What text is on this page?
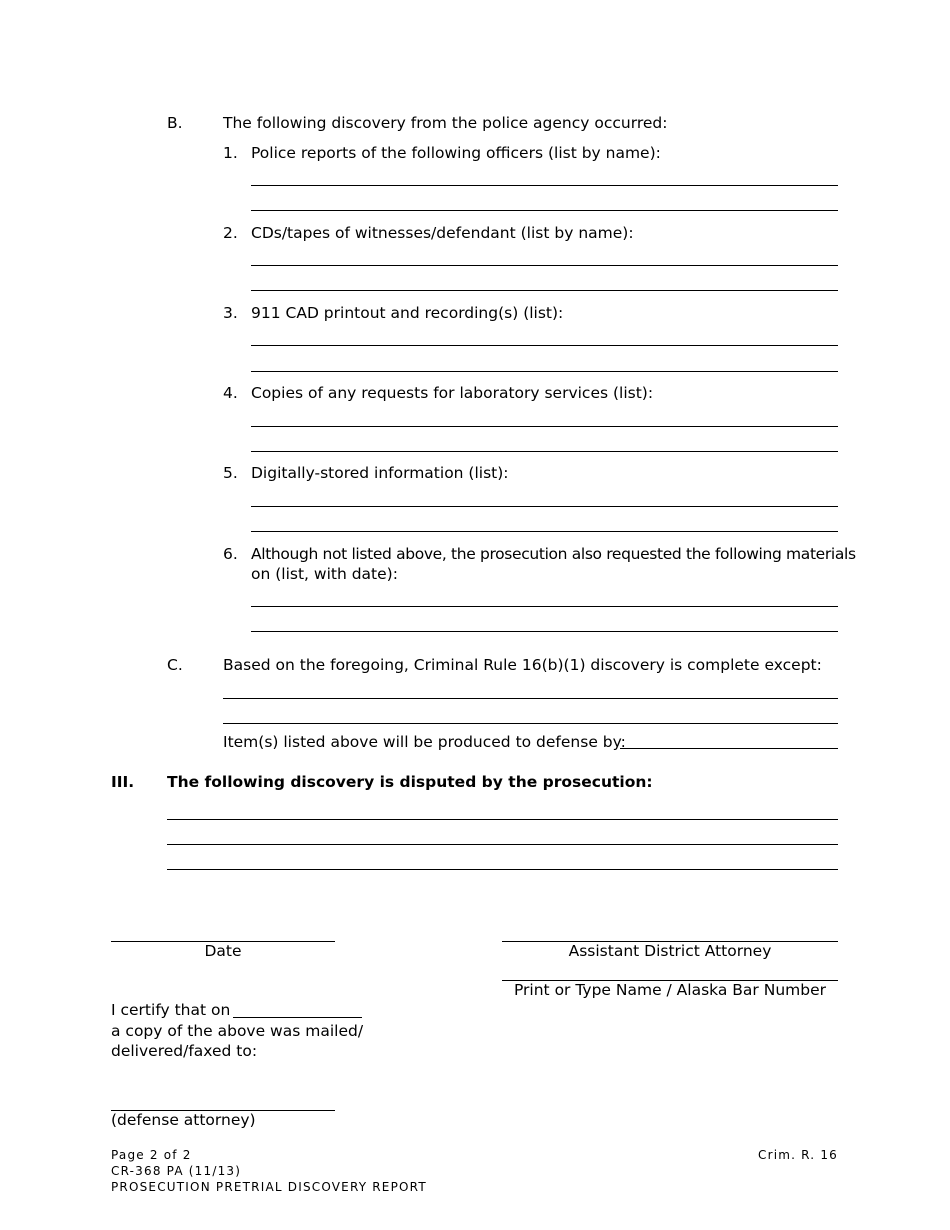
B.	The following discovery from the police agency occurred:
1. Police reports of the following officers (list by name):
2. CDs/tapes of witnesses/defendant (list by name):
3. 911 CAD printout and recording(s) (list):
4. Copies of any requests for laboratory services (list):
5. Digitally-stored information (list):
6. Although not listed above, the prosecution also requested the following materials
on (list, with date):
C.	Based on the foregoing, Criminal Rule 16(b)(1) discovery is complete except:
Item(s) listed above will be produced to defense by:
III. The following discovery is disputed by the prosecution:
Date	Assistant District Attorney
Print or Type Name / Alaska Bar Number
I certify that on
a copy of the above was mailed/
delivered/faxed to:
(defense attorney)
Page 2 of 2
CR-368 PA (11/13)
PROSECUTION PRETRIAL DISCOVERY REPORT
Crim. R. 16
